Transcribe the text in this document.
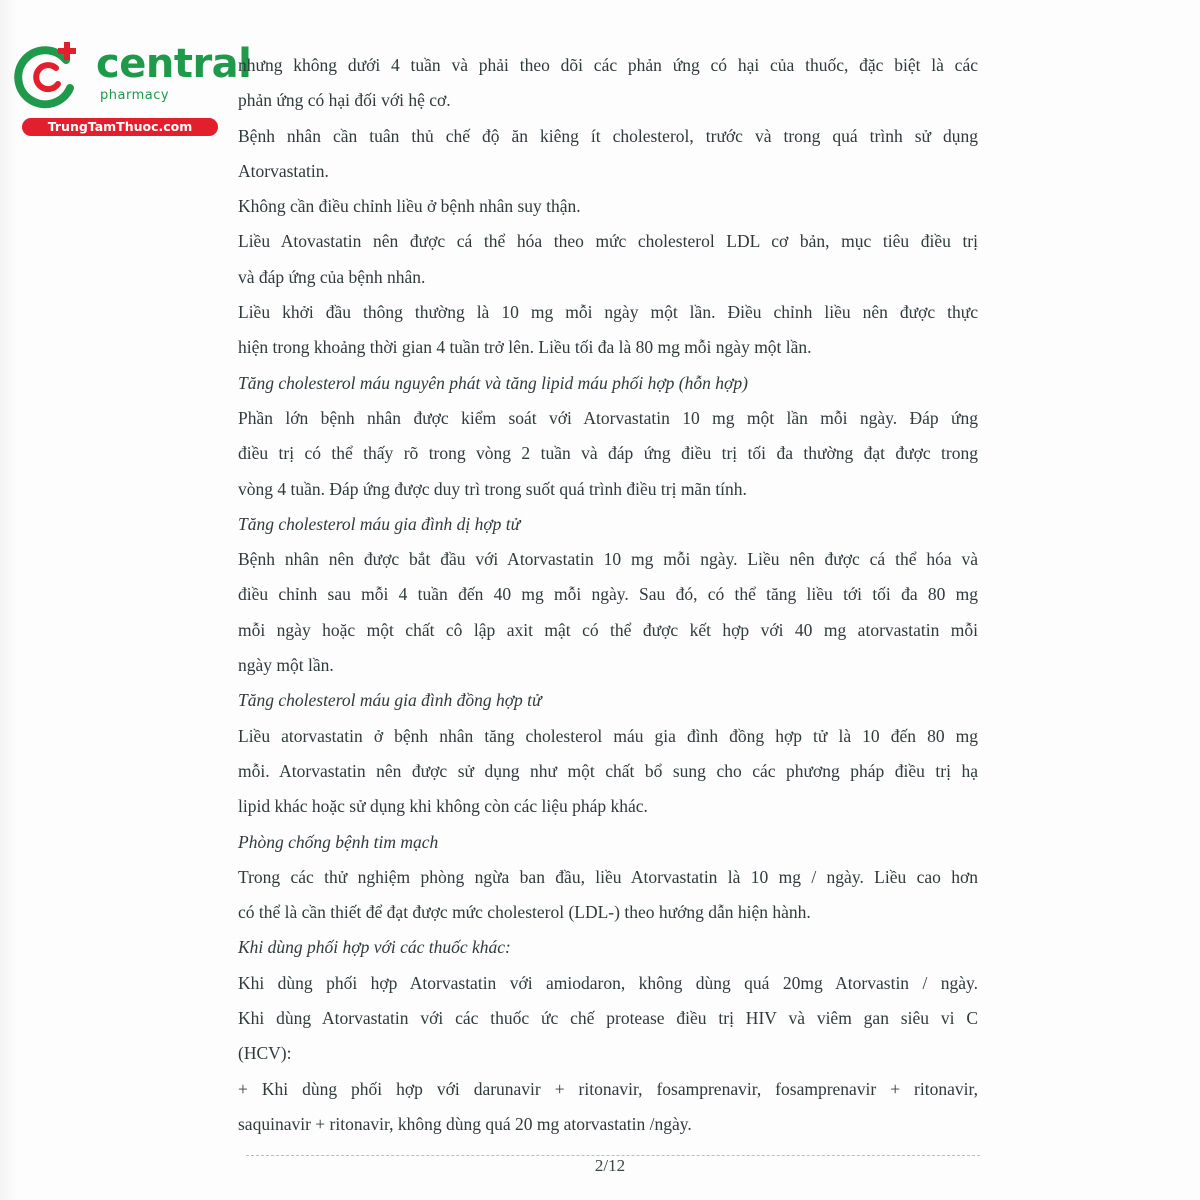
central
pharmacy
TrungTamThuoc.com
nhưng không dưới 4 tuần và phải theo dõi các phản ứng có hại của thuốc, đặc biệt là các
phản ứng có hại đối với hệ cơ.
Bệnh nhân cần tuân thủ chế độ ăn kiêng ít cholesterol, trước và trong quá trình sử dụng
Atorvastatin.
Không cần điều chỉnh liều ở bệnh nhân suy thận.
Liều Atovastatin nên được cá thể hóa theo mức cholesterol LDL cơ bản, mục tiêu điều trị
và đáp ứng của bệnh nhân.
Liều khởi đầu thông thường là 10 mg mỗi ngày một lần. Điều chỉnh liều nên được thực
hiện trong khoảng thời gian 4 tuần trở lên. Liều tối đa là 80 mg mỗi ngày một lần.
Tăng cholesterol máu nguyên phát và tăng lipid máu phối hợp (hỗn hợp)
Phần lớn bệnh nhân được kiểm soát với Atorvastatin 10 mg một lần mỗi ngày. Đáp ứng
điều trị có thể thấy rõ trong vòng 2 tuần và đáp ứng điều trị tối đa thường đạt được trong
vòng 4 tuần. Đáp ứng được duy trì trong suốt quá trình điều trị mãn tính.
Tăng cholesterol máu gia đình dị hợp tử
Bệnh nhân nên được bắt đầu với Atorvastatin 10 mg mỗi ngày. Liều nên được cá thể hóa và
điều chỉnh sau mỗi 4 tuần đến 40 mg mỗi ngày. Sau đó, có thể tăng liều tới tối đa 80 mg
mỗi ngày hoặc một chất cô lập axit mật có thể được kết hợp với 40 mg atorvastatin mỗi
ngày một lần.
Tăng cholesterol máu gia đình đồng hợp tử
Liều atorvastatin ở bệnh nhân tăng cholesterol máu gia đình đồng hợp tử là 10 đến 80 mg
mỗi. Atorvastatin nên được sử dụng như một chất bổ sung cho các phương pháp điều trị hạ
lipid khác hoặc sử dụng khi không còn các liệu pháp khác.
Phòng chống bệnh tim mạch
Trong các thử nghiệm phòng ngừa ban đầu, liều Atorvastatin là 10 mg / ngày. Liều cao hơn
có thể là cần thiết để đạt được mức cholesterol (LDL-) theo hướng dẫn hiện hành.
Khi dùng phối hợp với các thuốc khác:
Khi dùng phối hợp Atorvastatin với amiodaron, không dùng quá 20mg Atorvastin / ngày.
Khi dùng Atorvastatin với các thuốc ức chế protease điều trị HIV và viêm gan siêu vi C
(HCV):
+ Khi dùng phối hợp với darunavir + ritonavir, fosamprenavir, fosamprenavir + ritonavir,
saquinavir + ritonavir, không dùng quá 20 mg atorvastatin /ngày.
2/12
